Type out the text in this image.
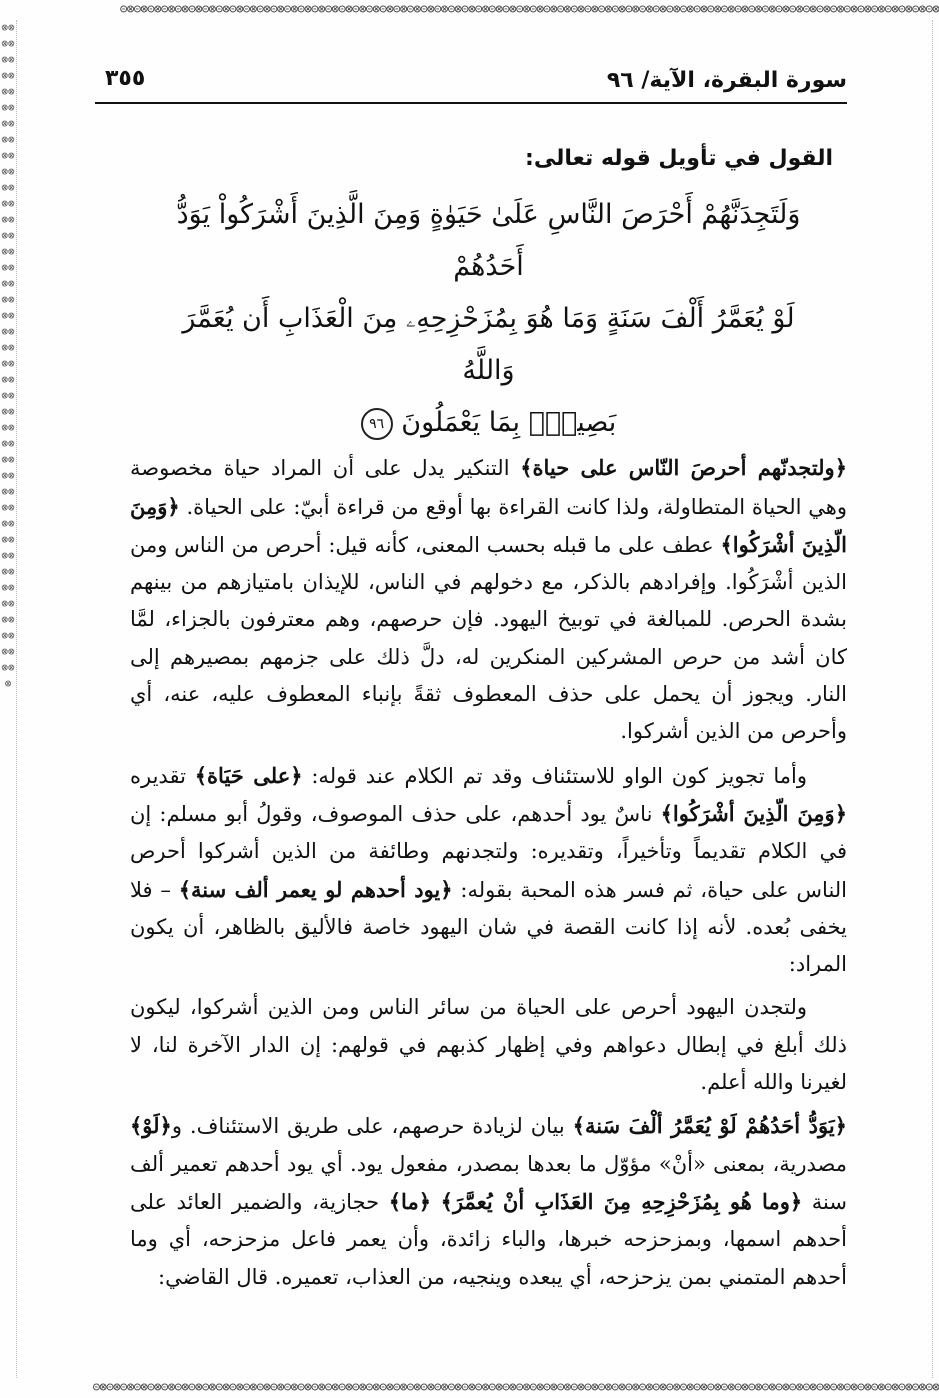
⊗⊝⊗⊝⊗⊝⊗⊝⊗⊝⊗⊝⊗⊝⊗⊝⊗⊝⊗⊝⊗⊝⊗⊝⊗⊝⊗⊝⊗⊝⊗⊝⊗⊝⊗⊝⊗⊝⊗⊝⊗⊝⊗⊝⊗⊝⊗⊝⊗⊝⊗⊝⊗⊝⊗⊝⊗⊝⊗⊝⊗⊝⊗⊝⊗⊝⊗⊝⊗⊝⊗⊝⊗⊝⊗⊝⊗⊝⊗⊝⊗⊝⊗⊝⊗⊝⊗⊝⊗⊝⊗⊝⊗⊝⊗⊝⊗⊝⊗⊝⊗⊝⊗⊝⊗⊝⊗⊝⊗⊝⊗⊝⊗⊝⊗⊝⊗⊝⊗⊝
⊗⊗⊗⊗⊗⊗⊗⊗⊗⊗⊗⊗⊗⊗⊗⊗⊗⊗⊗⊗⊗⊗⊗⊗⊗⊗⊗⊗⊗⊗⊗⊗⊗⊗⊗⊗⊗⊗⊗⊗⊗⊗⊗⊗⊗⊗⊗⊗⊗⊗⊗⊗⊗⊗⊗⊗⊗⊗⊗⊗⊗⊗⊗⊗⊗⊗⊗⊗⊗⊗⊗⊗⊗⊗⊗⊗⊗⊗⊗⊗⊗⊗⊗
⊗⊝⊗⊝⊗⊝⊗⊝⊗⊝⊗⊝⊗⊝⊗⊝⊗⊝⊗⊝⊗⊝⊗⊝⊗⊝⊗⊝⊗⊝⊗⊝⊗⊝⊗⊝⊗⊝⊗⊝⊗⊝⊗⊝⊗⊝⊗⊝⊗⊝⊗⊝⊗⊝⊗⊝⊗⊝⊗⊝⊗⊝⊗⊝⊗⊝⊗⊝⊗⊝⊗⊝⊗⊝⊗⊝⊗⊝⊗⊝⊗⊝⊗⊝⊗⊝⊗⊝⊗⊝⊗⊝⊗⊝⊗⊝⊗⊝⊗⊝⊗⊝⊗⊝⊗⊝⊗⊝⊗⊝⊗⊝⊗⊝⊗⊝⊗⊝⊗⊝⊗⊝⊗⊝
سورة البقرة، الآية/ ٩٦
٣٥٥
القول في تأويل قوله تعالى:
وَلَتَجِدَنَّهُمْ أَحْرَصَ النَّاسِ عَلَىٰ حَيَوٰةٍ وَمِنَ الَّذِينَ أَشْرَكُواْ يَوَدُّ أَحَدُهُمْ
لَوْ يُعَمَّرُ أَلْفَ سَنَةٍ وَمَا هُوَ بِمُزَحْزِحِهِۦ مِنَ الْعَذَابِ أَن يُعَمَّرَ وَاللَّهُ
بَصِيرُۢ بِمَا يَعْمَلُونَ ٩٦

﴿ولتجدنّهم أحرصَ النّاس على حياة﴾ التنكير يدل على أن المراد حياة مخصوصة وهي الحياة المتطاولة، ولذا كانت القراءة بها أوقع من قراءة أبيّ: على الحياة. ﴿وَمِنَ الّذِينَ أشْرَكُوا﴾ عطف على ما قبله بحسب المعنى، كأنه قيل: أحرص من الناس ومن الذين أشْرَكُوا. وإفرادهم بالذكر، مع دخولهم في الناس، للإيذان بامتيازهم من بينهم بشدة الحرص. للمبالغة في توبيخ اليهود. فإن حرصهم، وهم معترفون بالجزاء، لمَّا كان أشد من حرص المشركين المنكرين له، دلَّ ذلك على جزمهم بمصيرهم إلى النار. ويجوز أن يحمل على حذف المعطوف ثقةً بإنباء المعطوف عليه، عنه، أي وأحرص من الذين أشركوا.

وأما تجويز كون الواو للاستئناف وقد تم الكلام عند قوله: ﴿على حَيَاة﴾ تقديره ﴿وَمِنَ الّذِينَ أشْرَكُوا﴾ ناسٌ يود أحدهم، على حذف الموصوف، وقولُ أبو مسلم: إن في الكلام تقديماً وتأخيراً، وتقديره: ولتجدنهم وطائفة من الذين أشركوا أحرص الناس على حياة، ثم فسر هذه المحبة بقوله: ﴿يود أحدهم لو يعمر ألف سنة﴾ – فلا يخفى بُعده. لأنه إذا كانت القصة في شان اليهود خاصة فالأليق بالظاهر، أن يكون المراد:

ولتجدن اليهود أحرص على الحياة من سائر الناس ومن الذين أشركوا، ليكون ذلك أبلغ في إبطال دعواهم وفي إظهار كذبهم في قولهم: إن الدار الآخرة لنا، لا لغيرنا والله أعلم.

﴿يَوَدُّ أحَدُهُمْ لَوْ يُعَمَّرُ ألْفَ سَنة﴾ بيان لزيادة حرصهم، على طريق الاستئناف. و﴿لَوْ﴾ مصدرية، بمعنى «أنْ» مؤوّل ما بعدها بمصدر، مفعول يود. أي يود أحدهم تعمير ألف سنة ﴿وما هُو بِمُزَحْزِحِهِ مِنَ العَذَابِ أنْ يُعمَّرَ﴾ ﴿ما﴾ حجازية، والضمير العائد على أحدهم اسمها، وبمزحزحه خبرها، والباء زائدة، وأن يعمر فاعل مزحزحه، أي وما أحدهم المتمني بمن يزحزحه، أي يبعده وينجيه، من العذاب، تعميره. قال القاضي:
